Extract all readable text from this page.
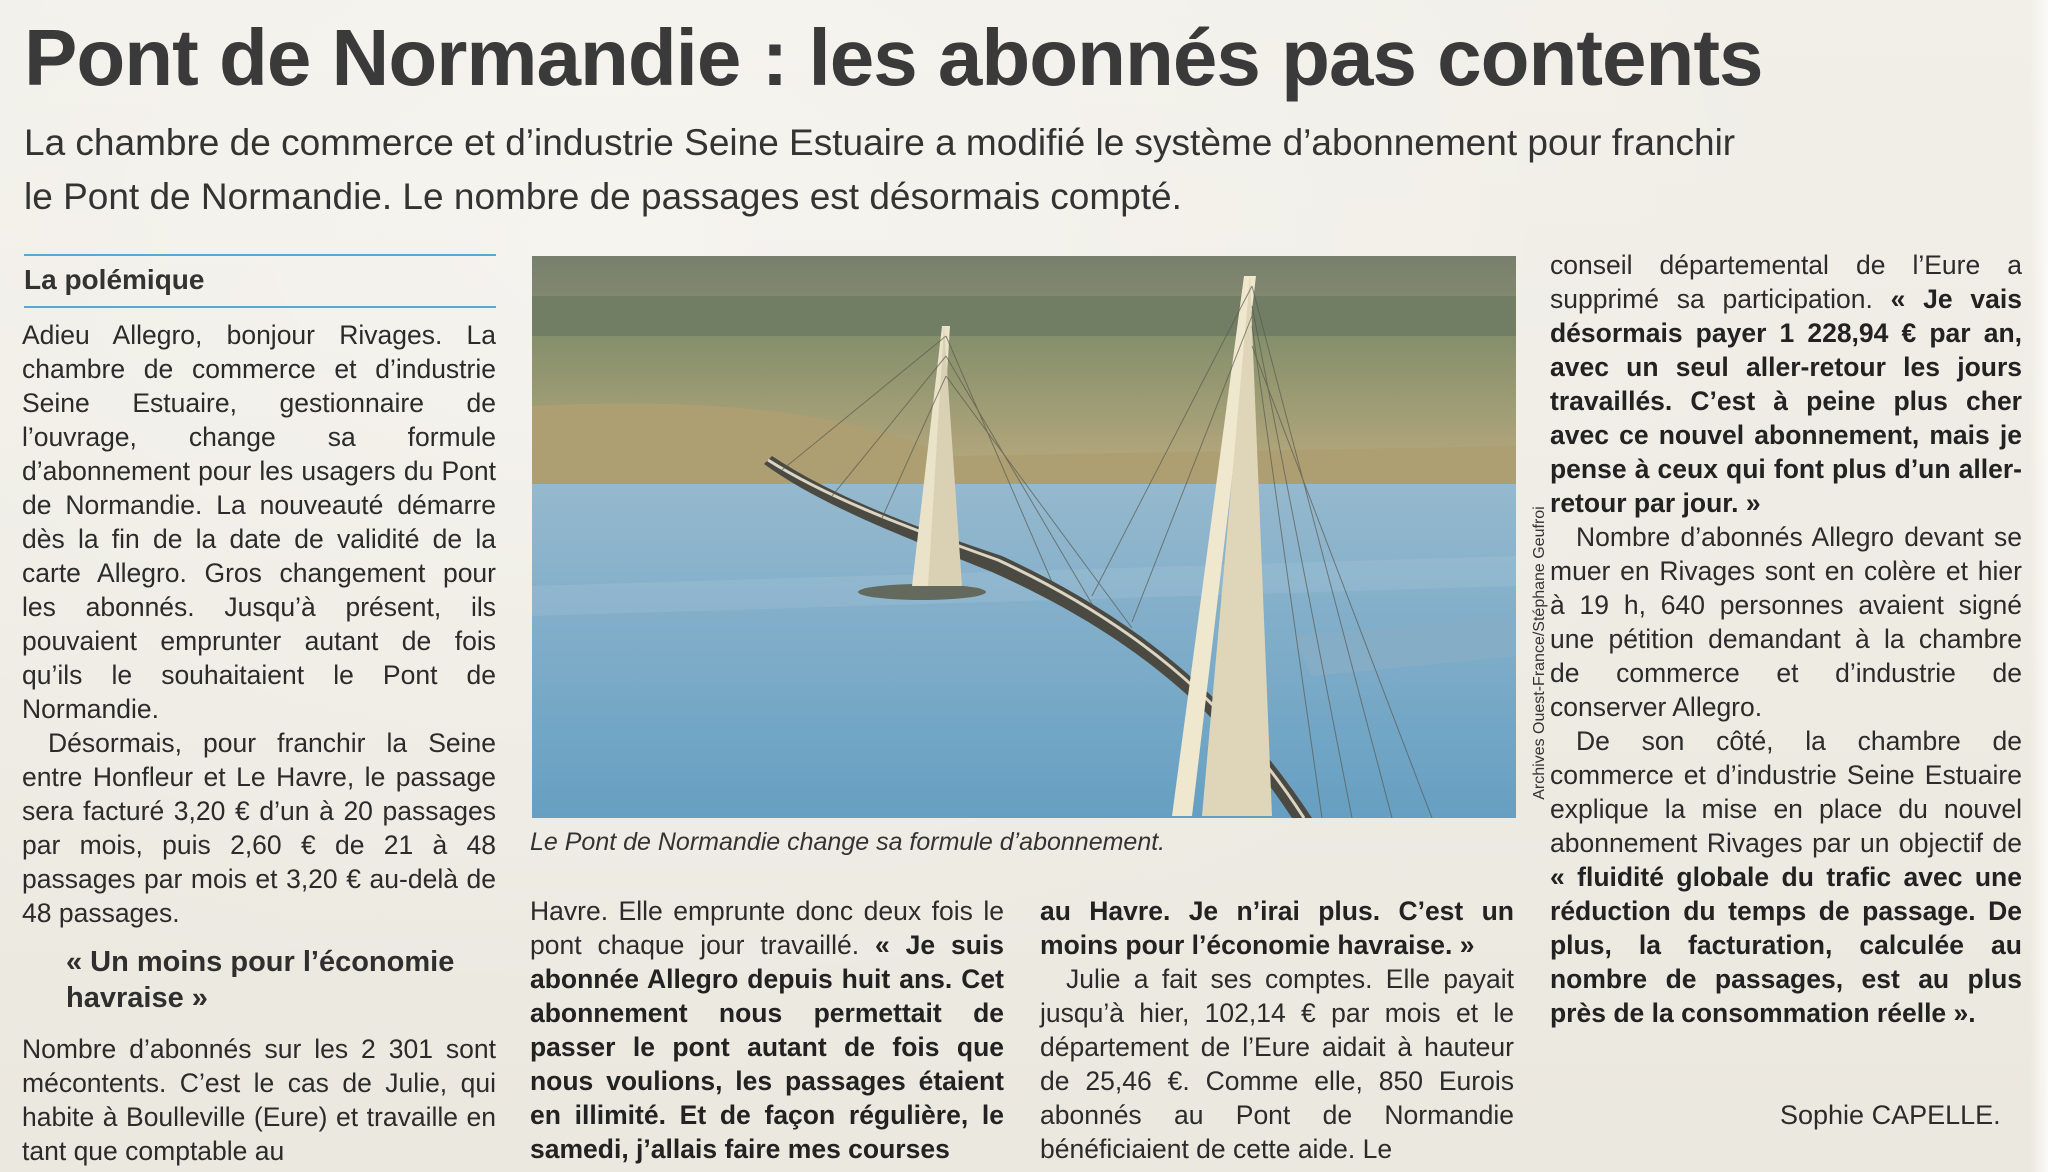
Pont de Normandie : les abonnés pas contents

La chambre de commerce et d’industrie Seine Estuaire a modifié le système d’abonnement pour franchir le Pont de Normandie. Le nombre de passages est désormais compté.

La polémique

Adieu Allegro, bonjour Rivages. La chambre de commerce et d’industrie Seine Estuaire, gestionnaire de l’ouvrage, change sa formule d’abonnement pour les usagers du Pont de Normandie. La nouveauté démarre dès la fin de la date de validité de la carte Allegro. Gros changement pour les abonnés. Jusqu’à présent, ils pouvaient emprunter autant de fois qu’ils le souhaitaient le Pont de Normandie.

Désormais, pour franchir la Seine entre Honfleur et Le Havre, le passage sera facturé 3,20 € d’un à 20 passages par mois, puis 2,60 € de 21 à 48 passages par mois et 3,20 € au-delà de 48 passages.

« Un moins pour l’économie havraise »

Nombre d’abonnés sur les 2 301 sont mécontents. C’est le cas de Julie, qui habite à Boulleville (Eure) et travaille en tant que comptable au

Archives Ouest-France/Stéphane Geufroi
Le Pont de Normandie change sa formule d’abonnement.

Havre. Elle emprunte donc deux fois le pont chaque jour travaillé. « Je suis abonnée Allegro depuis huit ans. Cet abonnement nous permettait de passer le pont autant de fois que nous voulions, les passages étaient en illimité. Et de façon régulière, le samedi, j’allais faire mes courses

au Havre. Je n’irai plus. C’est un moins pour l’économie havraise. »

Julie a fait ses comptes. Elle payait jusqu’à hier, 102,14 € par mois et le département de l’Eure aidait à hauteur de 25,46 €. Comme elle, 850 Eurois abonnés au Pont de Normandie bénéficiaient de cette aide. Le

conseil départemental de l’Eure a supprimé sa participation. « Je vais désormais payer 1 228,94 € par an, avec un seul aller-retour les jours travaillés. C’est à peine plus cher avec ce nouvel abonnement, mais je pense à ceux qui font plus d’un aller-retour par jour. »

Nombre d’abonnés Allegro devant se muer en Rivages sont en colère et hier à 19 h, 640 personnes avaient signé une pétition demandant à la chambre de commerce et d’industrie de conserver Allegro.

De son côté, la chambre de commerce et d’industrie Seine Estuaire explique la mise en place du nouvel abonnement Rivages par un objectif de « fluidité globale du trafic avec une réduction du temps de passage. De plus, la facturation, calculée au nombre de passages, est au plus près de la consommation réelle ».

Sophie CAPELLE.
